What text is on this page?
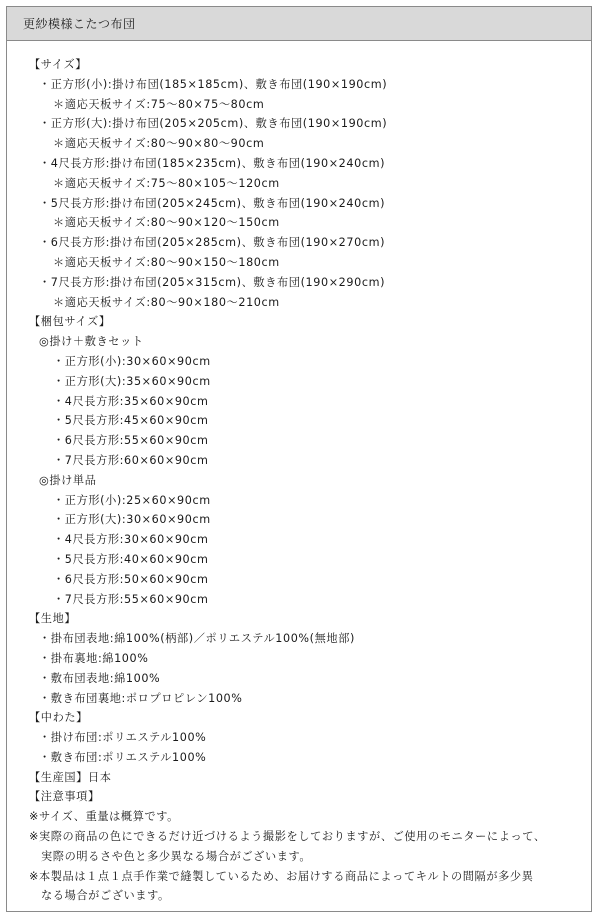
更紗模様こたつ布団
【サイズ】
・正方形(小):掛け布団(185×185cm)、敷き布団(190×190cm)
＊適応天板サイズ:75～80×75～80cm
・正方形(大):掛け布団(205×205cm)、敷き布団(190×190cm)
＊適応天板サイズ:80～90×80～90cm
・4尺長方形:掛け布団(185×235cm)、敷き布団(190×240cm)
＊適応天板サイズ:75～80×105～120cm
・5尺長方形:掛け布団(205×245cm)、敷き布団(190×240cm)
＊適応天板サイズ:80～90×120～150cm
・6尺長方形:掛け布団(205×285cm)、敷き布団(190×270cm)
＊適応天板サイズ:80～90×150～180cm
・7尺長方形:掛け布団(205×315cm)、敷き布団(190×290cm)
＊適応天板サイズ:80～90×180～210cm
【梱包サイズ】
◎掛け＋敷きセット
・正方形(小):30×60×90cm
・正方形(大):35×60×90cm
・4尺長方形:35×60×90cm
・5尺長方形:45×60×90cm
・6尺長方形:55×60×90cm
・7尺長方形:60×60×90cm
◎掛け単品
・正方形(小):25×60×90cm
・正方形(大):30×60×90cm
・4尺長方形:30×60×90cm
・5尺長方形:40×60×90cm
・6尺長方形:50×60×90cm
・7尺長方形:55×60×90cm
【生地】
・掛布団表地:綿100%(柄部)／ポリエステル100%(無地部)
・掛布裏地:綿100%
・敷布団表地:綿100%
・敷き布団裏地:ポロプロピレン100%
【中わた】
・掛け布団:ポリエステル100%
・敷き布団:ポリエステル100%
【生産国】日本
【注意事項】
※サイズ、重量は概算です。
※実際の商品の色にできるだけ近づけるよう撮影をしておりますが、ご使用のモニターによって、
実際の明るさや色と多少異なる場合がございます。
※本製品は１点１点手作業で縫製しているため、お届けする商品によってキルトの間隔が多少異
なる場合がございます。
